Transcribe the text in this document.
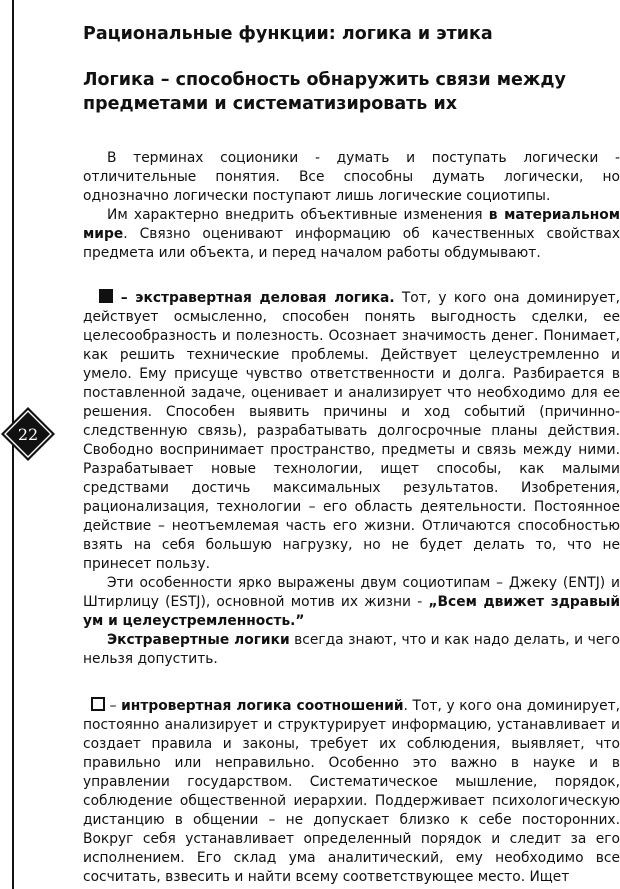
22
Рациональные функции: логика и этика
Логика – способность обнаружить связи между предметами и систематизировать их

В терминах соционики - думать и поступать логически - отличительные понятия. Все способны думать логически, но однозначно логически поступают лишь логические социотипы.

Им характерно внедрить объективные изменения в материальном мире. Связно оценивают информацию об качественных свойствах предмета или объекта, и перед началом работы обдумывают.

– экстравертная деловая логика. Тот, у кого она доминирует, действует осмысленно, способен понять выгодность сделки, ее целесообразность и полезность. Осознает значимость денег. Понимает, как решить технические проблемы. Действует целеустремленно и умело. Ему присуще чувство ответственности и долга. Разбирается в поставленной задаче, оценивает и анализирует что необходимо для ее решения. Способен выявить причины и ход событий (причинно-следственную связь), разрабатывать долгосрочные планы действия. Свободно воспринимает пространство, предметы и связь между ними. Разрабатывает новые технологии, ищет способы, как малыми средствами достичь максимальных результатов. Изобретения, рационализация, технологии – его область деятельности. Постоянное действие – неотъемлемая часть его жизни. Отличаются способностью взять на себя большую нагрузку, но не будет делать то, что не принесет пользу.

Эти особенности ярко выражены двум социотипам – Джеку (ENTJ) и Штирлицу (ESTJ), основной мотив их жизни - „Всем движет здравый ум и целеустремленность.”

Экстравертные логики всегда знают, что и как надо делать, и чего нельзя допустить.

– интровертная логика соотношений. Тот, у кого она доминирует, постоянно анализирует и структурирует информацию, устанавливает и создает правила и законы, требует их соблюдения, выявляет, что правильно или неправильно. Особенно это важно в науке и в управлении государством. Систематическое мышление, порядок, соблюдение общественной иерархии. Поддерживает психологическую дистанцию в общении – не допускает близко к себе посторонних. Вокруг себя устанавливает определенный порядок и следит за его исполнением. Его склад ума аналитический, ему необходимо все сосчитать, взвесить и найти всему соответствующее место. Ищет
